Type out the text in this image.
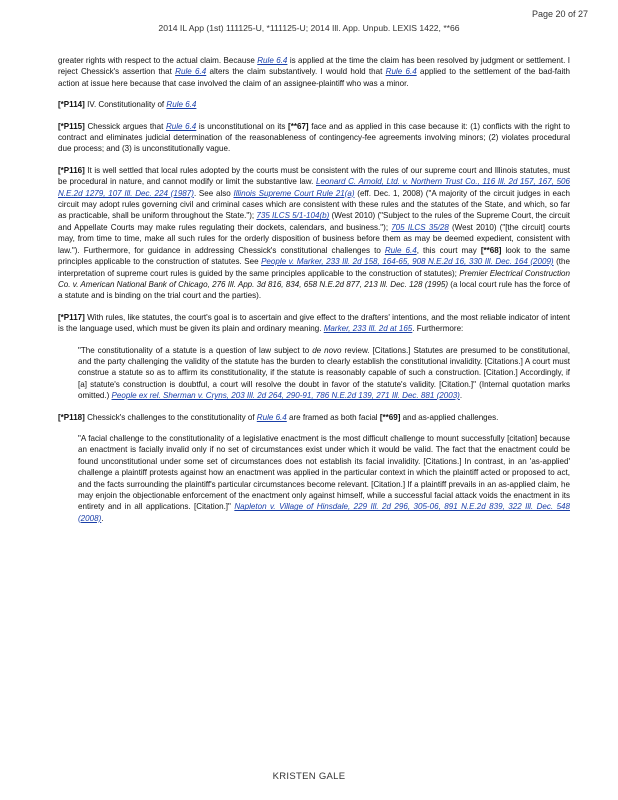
Page 20 of 27
2014 IL App (1st) 111125-U, *111125-U; 2014 Ill. App. Unpub. LEXIS 1422, **66

greater rights with respect to the actual claim. Because Rule 6.4 is applied at the time the claim has been resolved by judgment or settlement. I reject Chessick's assertion that Rule 6.4 alters the claim substantively. I would hold that Rule 6.4 applied to the settlement of the bad-faith action at issue here because that case involved the claim of an assignee-plaintiff who was a minor.

[*P114] IV. Constitutionality of Rule 6.4

[*P115] Chessick argues that Rule 6.4 is unconstitutional on its [**67] face and as applied in this case because it: (1) conflicts with the right to contract and eliminates judicial determination of the reasonableness of contingency-fee agreements involving minors; (2) violates procedural due process; and (3) is unconstitutionally vague.

[*P116] It is well settled that local rules adopted by the courts must be consistent with the rules of our supreme court and Illinois statutes, must be procedural in nature, and cannot modify or limit the substantive law. Leonard C. Arnold, Ltd. v. Northern Trust Co., 116 Ill. 2d 157, 167, 506 N.E.2d 1279, 107 Ill. Dec. 224 (1987). See also Illinois Supreme Court Rule 21(a) (eff. Dec. 1, 2008) ("A majority of the circuit judges in each circuit may adopt rules governing civil and criminal cases which are consistent with these rules and the statutes of the State, and which, so far as practicable, shall be uniform throughout the State."); 735 ILCS 5/1-104(b) (West 2010) ("Subject to the rules of the Supreme Court, the circuit and Appellate Courts may make rules regulating their dockets, calendars, and business."); 705 ILCS 35/28 (West 2010) ("[the circuit] courts may, from time to time, make all such rules for the orderly disposition of business before them as may be deemed expedient, consistent with law."). Furthermore, for guidance in addressing Chessick's constitutional challenges to Rule 6.4, this court may [**68] look to the same principles applicable to the construction of statutes. See People v. Marker, 233 Ill. 2d 158, 164-65, 908 N.E.2d 16, 330 Ill. Dec. 164 (2009) (the interpretation of supreme court rules is guided by the same principles applicable to the construction of statutes); Premier Electrical Construction Co. v. American National Bank of Chicago, 276 Ill. App. 3d 816, 834, 658 N.E.2d 877, 213 Ill. Dec. 128 (1995) (a local court rule has the force of a statute and is binding on the trial court and the parties).

[*P117] With rules, like statutes, the court's goal is to ascertain and give effect to the drafters' intentions, and the most reliable indicator of intent is the language used, which must be given its plain and ordinary meaning. Marker, 233 Ill. 2d at 165. Furthermore:

"The constitutionality of a statute is a question of law subject to de novo review. [Citations.] Statutes are presumed to be constitutional, and the party challenging the validity of the statute has the burden to clearly establish the constitutional invalidity. [Citations.] A court must construe a statute so as to affirm its constitutionality, if the statute is reasonably capable of such a construction. [Citation.] Accordingly, if [a] statute's construction is doubtful, a court will resolve the doubt in favor of the statute's validity. [Citation.]" (Internal quotation marks omitted.) People ex rel. Sherman v. Cryns, 203 Ill. 2d 264, 290-91, 786 N.E.2d 139, 271 Ill. Dec. 881 (2003).

[*P118] Chessick's challenges to the constitutionality of Rule 6.4 are framed as both facial [**69] and as-applied challenges.

"A facial challenge to the constitutionality of a legislative enactment is the most difficult challenge to mount successfully [citation] because an enactment is facially invalid only if no set of circumstances exist under which it would be valid. The fact that the enactment could be found unconstitutional under some set of circumstances does not establish its facial invalidity. [Citations.] In contrast, in an 'as-applied' challenge a plaintiff protests against how an enactment was applied in the particular context in which the plaintiff acted or proposed to act, and the facts surrounding the plaintiff's particular circumstances become relevant. [Citation.] If a plaintiff prevails in an as-applied claim, he may enjoin the objectionable enforcement of the enactment only against himself, while a successful facial attack voids the enactment in its entirety and in all applications. [Citation.]" Napleton v. Village of Hinsdale, 229 Ill. 2d 296, 305-06, 891 N.E.2d 839, 322 Ill. Dec. 548 (2008).

KRISTEN GALE
